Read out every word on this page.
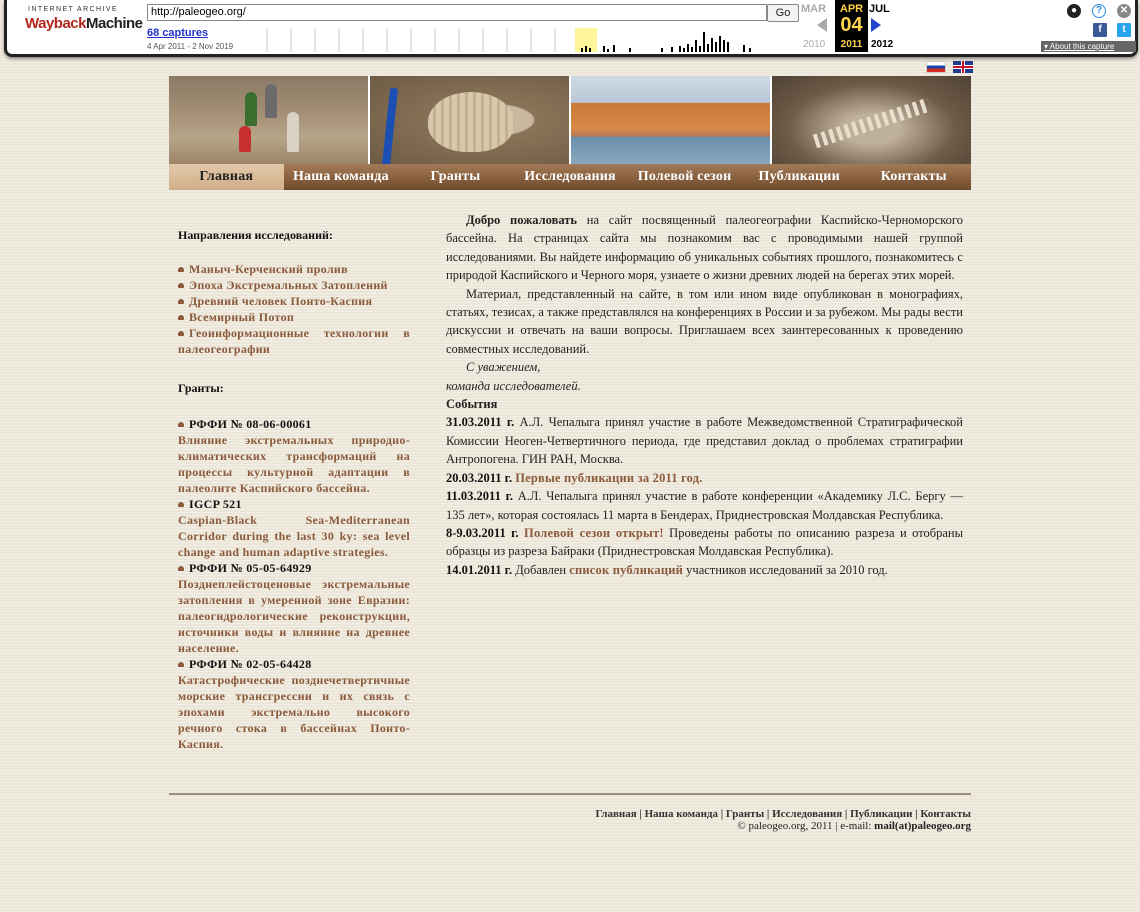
INTERNET ARCHIVE
WaybackMachine
http://paleogeo.org/	Go
68 captures
4 Apr 2011 - 2 Nov 2019
MAR	APR
04
2011
JUL
2010	2012
●	?	✕
f	t
▾ About this capture

Главная	Наша команда	Гранты	Исследования	Полевой сезон	Публикации	Контакты

Направления исследований:

Маныч-Керченский пролив
Эпоха Экстремальных Затоплений
Древний человек Понто-Каспия
Всемирный Потоп
Геоинформационные технологии в палеогеографии

Гранты:

РФФИ № 08-06-00061
Влияние экстремальных природно-климатических трансформаций на процессы культурной адаптации в палеолите Каспийского бассейна.
IGCP 521
Caspian-Black Sea-Mediterranean Corridor during the last 30 ky: sea level change and human adaptive strategies.
РФФИ № 05-05-64929
Позднеплейстоценовые экстремальные затопления в умеренной зоне Евразии: палеогидрологические реконструкции, источники воды и влияние на древнее население.
РФФИ № 02-05-64428
Катастрофические позднечетвертичные морские трансгрессии и их связь с эпохами экстремально высокого речного стока в бассейнах Понто-Каспия.

Добро пожаловать на сайт посвященный палеогеографии Каспийско-Черноморского бассейна. На страницах сайта мы познакомим вас с проводимыми нашей группой исследованиями. Вы найдете информацию об уникальных событиях прошлого, познакомитесь с природой Каспийского и Черного моря, узнаете о жизни древних людей на берегах этих морей.

Материал, представленный на сайте, в том или ином виде опубликован в монографиях, статьях, тезисах, а также представлялся на конференциях в России и за рубежом. Мы рады вести дискуссии и отвечать на ваши вопросы. Приглашаем всех заинтересованных к проведению совместных исследований.

С уважением,

команда исследователей.

События

31.03.2011 г. А.Л. Чепалыга принял участие в работе Межведомственной Стратиграфической Комиссии Неоген-Четвертичного периода, где представил доклад о проблемах стратиграфии Антропогена. ГИН РАН, Москва.

20.03.2011 г. Первые публикации за 2011 год.

11.03.2011 г. А.Л. Чепалыга принял участие в работе конференции «Академику Л.С. Бергу — 135 лет», которая состоялась 11 марта в Бендерах, Приднестровская Молдавская Республика.

8-9.03.2011 г. Полевой сезон открыт! Проведены работы по описанию разреза и отобраны образцы из разреза Байраки (Приднестровская Молдавская Республика).

14.01.2011 г. Добавлен список публикаций участников исследований за 2010 год.

Главная | Наша команда | Гранты | Исследования | Публикации | Контакты
© paleogeo.org, 2011 | e-mail: mail(at)paleogeo.org
